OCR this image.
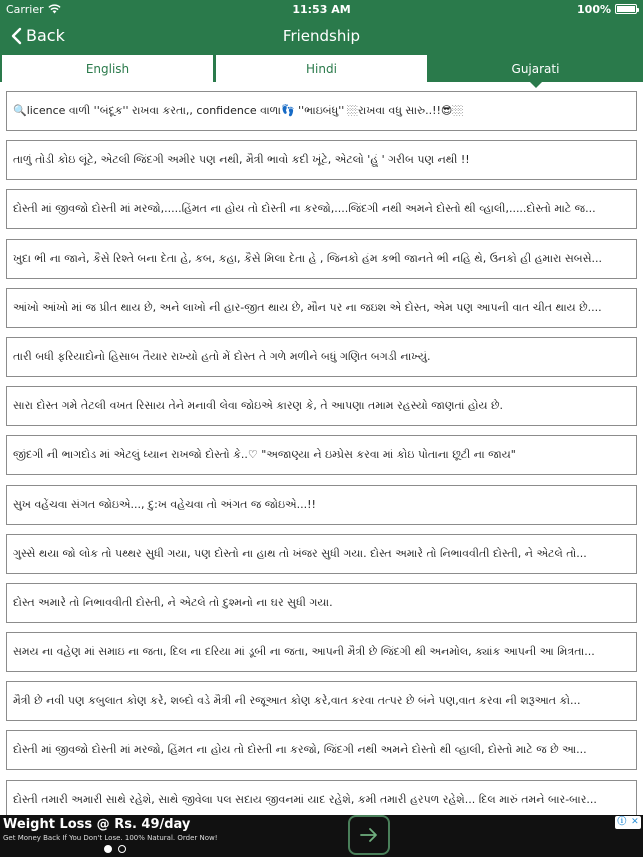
Carrier	11:53 AM	100%
Back	Friendship
English	Hindi	Gujarati
🔍licence વાળી ''બંદૂક'' રાખવા કરતા,, confidence વાળા👣 ''ભાઇબંધુ'' 🏼રાખવા વધુ સારુ..!!😎🏼
તાળું તોડી કોઇ લૂંટે, એટલી જિંદગી અમીર પણ નથી, મૈત્રી ભાવો કદી ખૂંટે, એટલો 'હું ' ગરીબ પણ નથી !!
દોસ્તી માં જીવજો દોસ્તી માં મરજો,.....હિંમત ના હોય તો દોસ્તી ના કરજો,....જિંદગી નથી અમને દોસ્તો થી વ્હાલી,.....દોસ્તો માટે જ...
ખુદા ભી ના જાને, કૈસે રિશ્તે બના દેતા હે, કબ, કહા, કૈસે મિલા દેતા હે , જિનકો હંમ કભી જાનતે ભી નહિ થે, ઉનકો હી હમારા સબસે...
આંખો આંખો માં જ પ્રીત થાય છે, અને લાખો ની હાર-જીત થાય છે, મૌન પર ના જઇશ એ દોસ્ત, એમ પણ આપની વાત ચીત થાય છે....
તારી બધી ફરિયાદોનો હિસાબ તૈયાર રાખ્યો હતો મેં દોસ્ત તે ગળે મળીને બધું ગણિત બગડી નાખ્યું.
સારા દોસ્ત ગમે તેટલી વખત રિસાય તેને મનાવી લેવા જોઇએ કારણ કે, તે આપણા તમામ રહસ્યો જાણતાં હોય છે.
જીંદગી ની ભાગદોડ માં એટલું ધ્યાન રાખજો દોસ્તો કે..♡ "અજાણ્યા ને ઇમ્પ્રેસ કરવા માં કોઇ પોતાના છૂટી ના જાય"
સુખ વહેંચવા સંગત જોઇએ..., દુ:ખ વહેચવા તો અંગત જ જોઇએ...!!
ગુસ્સે થયા જો લોક તો પથ્થર સુધી ગયા, પણ દોસ્તો ના હાથ તો ખંજર સુધી ગયા. દોસ્ત અમારે તો નિભાવવીતી દોસ્તી, ને એટલે તો...
દોસ્ત અમારે તો નિભાવવીતી દોસ્તી, ને એટલે તો દુશ્મનો ના ઘર સુધી ગયા.
સમય ના વહેણ માં સમાઇ ના જતા, દિલ ના દરિયા માં ડૂબી ના જતા, આપની મૈત્રી છે જિંદગી થી અનમોલ, ક્યાંક આપની આ મિત્રતા...
મૈત્રી છે નવી પણ કબુલાત કોણ કરે, શબ્દો વડે મૈત્રી ની રજૂઆત કોણ કરે,વાત કરવા તત્પર છે બંને પણ,વાત કરવા ની શરૂઆત કો...
દોસ્તી માં જીવજો દોસ્તી માં મરજો, હિંમત ના હોય તો દોસ્તી ના કરજો, જિંદગી નથી અમને દોસ્તો થી વ્હાલી, દોસ્તો માટે જ છે આ...
દોસ્તી તમારી અમારી સાથે રહેશે, સાથે જીવેલા પલ સદાય જીવનમાં યાદ રહેશે, કમી તમારી હરપળ રહેશે... દિલ મારું તમને બાર-બાર...
Weight Loss @ Rs. 49/day
Get Money Back If You Don't Lose. 100% Natural. Order Now!
ⓘ ✕
